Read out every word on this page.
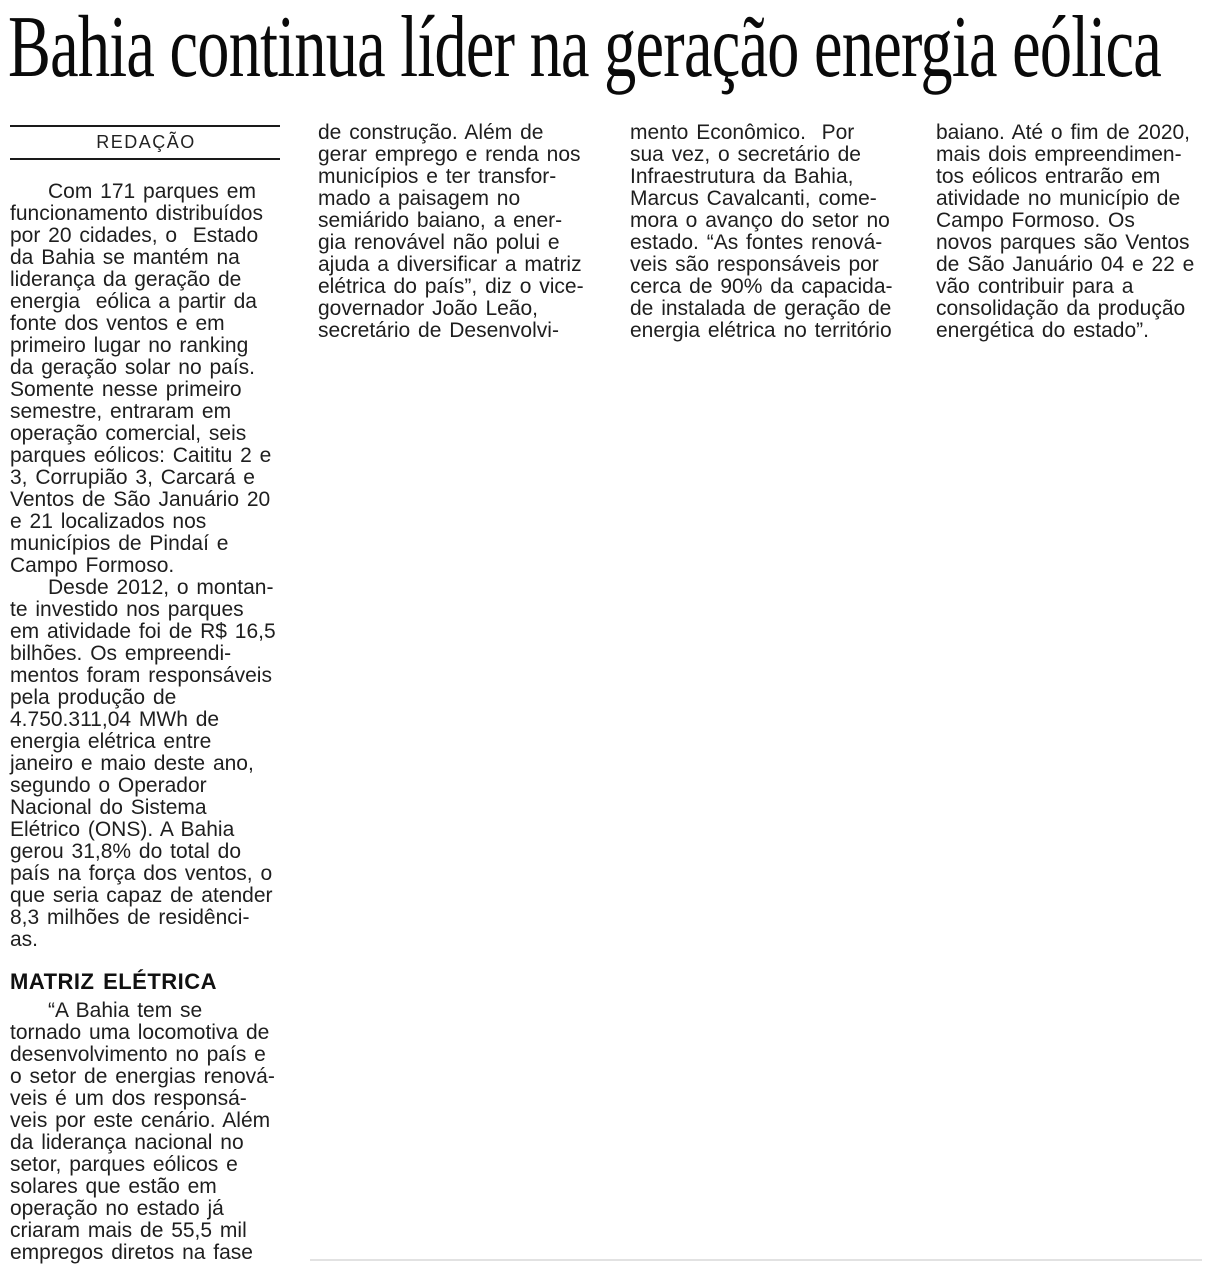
Bahia continua líder na geração energia eólica
REDAÇÃO
Com 171 parques em
funcionamento distribuídos
por 20 cidades, o  Estado
da Bahia se mantém na
liderança da geração de
energia  eólica a partir da
fonte dos ventos e em
primeiro lugar no ranking
da geração solar no país.
Somente nesse primeiro
semestre, entraram em
operação comercial, seis
parques eólicos: Caititu 2 e
3, Corrupião 3, Carcará e
Ventos de São Januário 20
e 21 localizados nos
municípios de Pindaí e
Campo Formoso.
Desde 2012, o montan-
te investido nos parques
em atividade foi de R$ 16,5
bilhões. Os empreendi-
mentos foram responsáveis
pela produção de
4.750.311,04 MWh de
energia elétrica entre
janeiro e maio deste ano,
segundo o Operador
Nacional do Sistema
Elétrico (ONS). A Bahia
gerou 31,8% do total do
país na força dos ventos, o
que seria capaz de atender
8,3 milhões de residênci-
as.
MATRIZ ELÉTRICA
“A Bahia tem se
tornado uma locomotiva de
desenvolvimento no país e
o setor de energias renová-
veis é um dos responsá-
veis por este cenário. Além
da liderança nacional no
setor, parques eólicos e
solares que estão em
operação no estado já
criaram mais de 55,5 mil
empregos diretos na fase
de construção. Além de
gerar emprego e renda nos
municípios e ter transfor-
mado a paisagem no
semiárido baiano, a ener-
gia renovável não polui e
ajuda a diversificar a matriz
elétrica do país”, diz o vice-
governador João Leão,
secretário de Desenvolvi-
mento Econômico.  Por
sua vez, o secretário de
Infraestrutura da Bahia,
Marcus Cavalcanti, come-
mora o avanço do setor no
estado. “As fontes renová-
veis são responsáveis por
cerca de 90% da capacida-
de instalada de geração de
energia elétrica no território
baiano. Até o fim de 2020,
mais dois empreendimen-
tos eólicos entrarão em
atividade no município de
Campo Formoso. Os
novos parques são Ventos
de São Januário 04 e 22 e
vão contribuir para a
consolidação da produção
energética do estado”.
